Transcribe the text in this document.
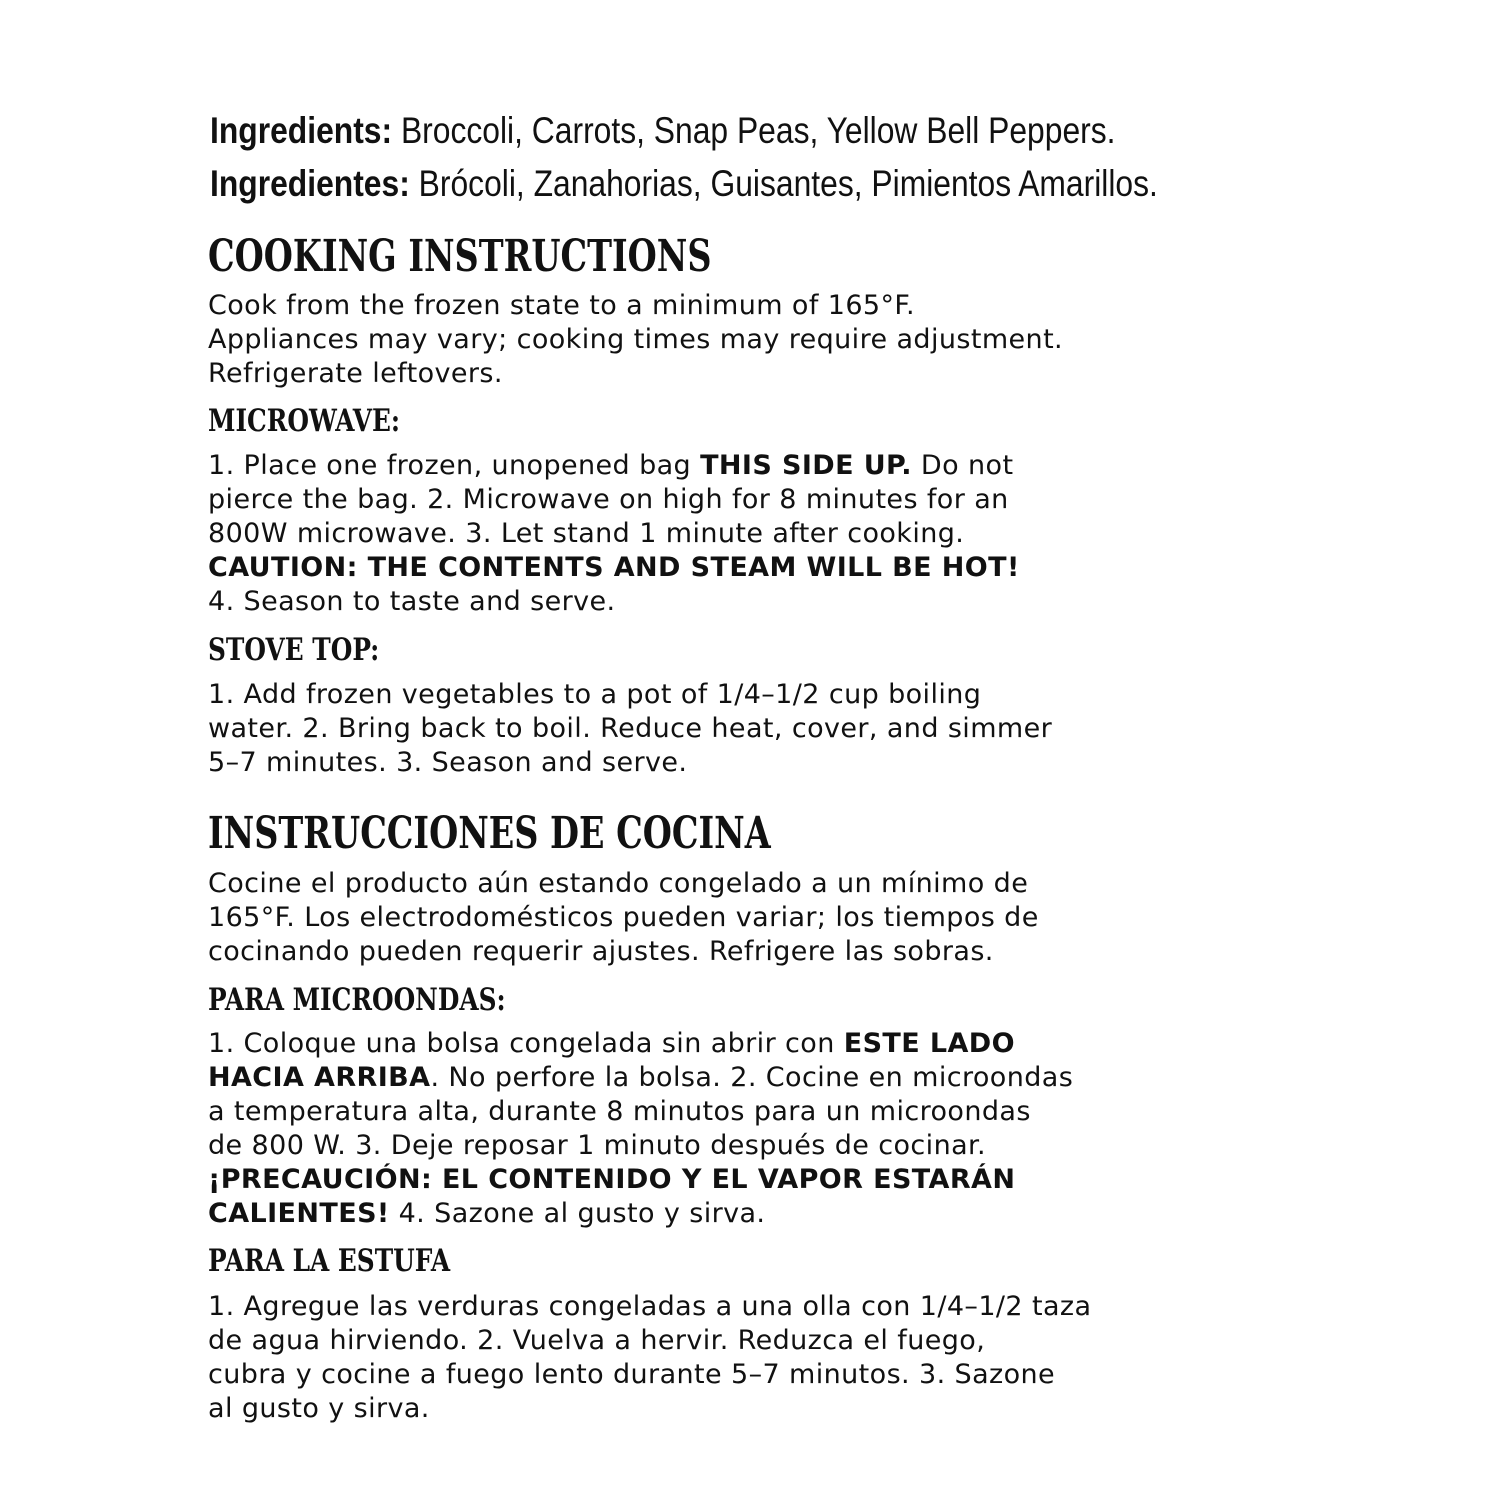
Ingredients: Broccoli, Carrots, Snap Peas, Yellow Bell Peppers.
Ingredientes: Brócoli, Zanahorias, Guisantes, Pimientos Amarillos.
COOKING INSTRUCTIONS

Cook from the frozen state to a minimum of 165°F.

Appliances may vary; cooking times may require adjustment.

Refrigerate leftovers.

MICROWAVE:

1. Place one frozen, unopened bag THIS SIDE UP. Do not

pierce the bag. 2. Microwave on high for 8 minutes for an

800W microwave. 3. Let stand 1 minute after cooking.

CAUTION: THE CONTENTS AND STEAM WILL BE HOT!

4. Season to taste and serve.

STOVE TOP:

1. Add frozen vegetables to a pot of 1/4–1/2 cup boiling

water. 2. Bring back to boil. Reduce heat, cover, and simmer

5–7 minutes. 3. Season and serve.

INSTRUCCIONES DE COCINA

Cocine el producto aún estando congelado a un mínimo de

165°F. Los electrodomésticos pueden variar; los tiempos de

cocinando pueden requerir ajustes. Refrigere las sobras.

PARA MICROONDAS:

1. Coloque una bolsa congelada sin abrir con ESTE LADO

HACIA ARRIBA. No perfore la bolsa. 2. Cocine en microondas

a temperatura alta, durante 8 minutos para un microondas

de 800 W. 3. Deje reposar 1 minuto después de cocinar.

¡PRECAUCIÓN: EL CONTENIDO Y EL VAPOR ESTARÁN

CALIENTES! 4. Sazone al gusto y sirva.

PARA LA ESTUFA

1. Agregue las verduras congeladas a una olla con 1/4–1/2 taza

de agua hirviendo. 2. Vuelva a hervir. Reduzca el fuego,

cubra y cocine a fuego lento durante 5–7 minutos. 3. Sazone

al gusto y sirva.
